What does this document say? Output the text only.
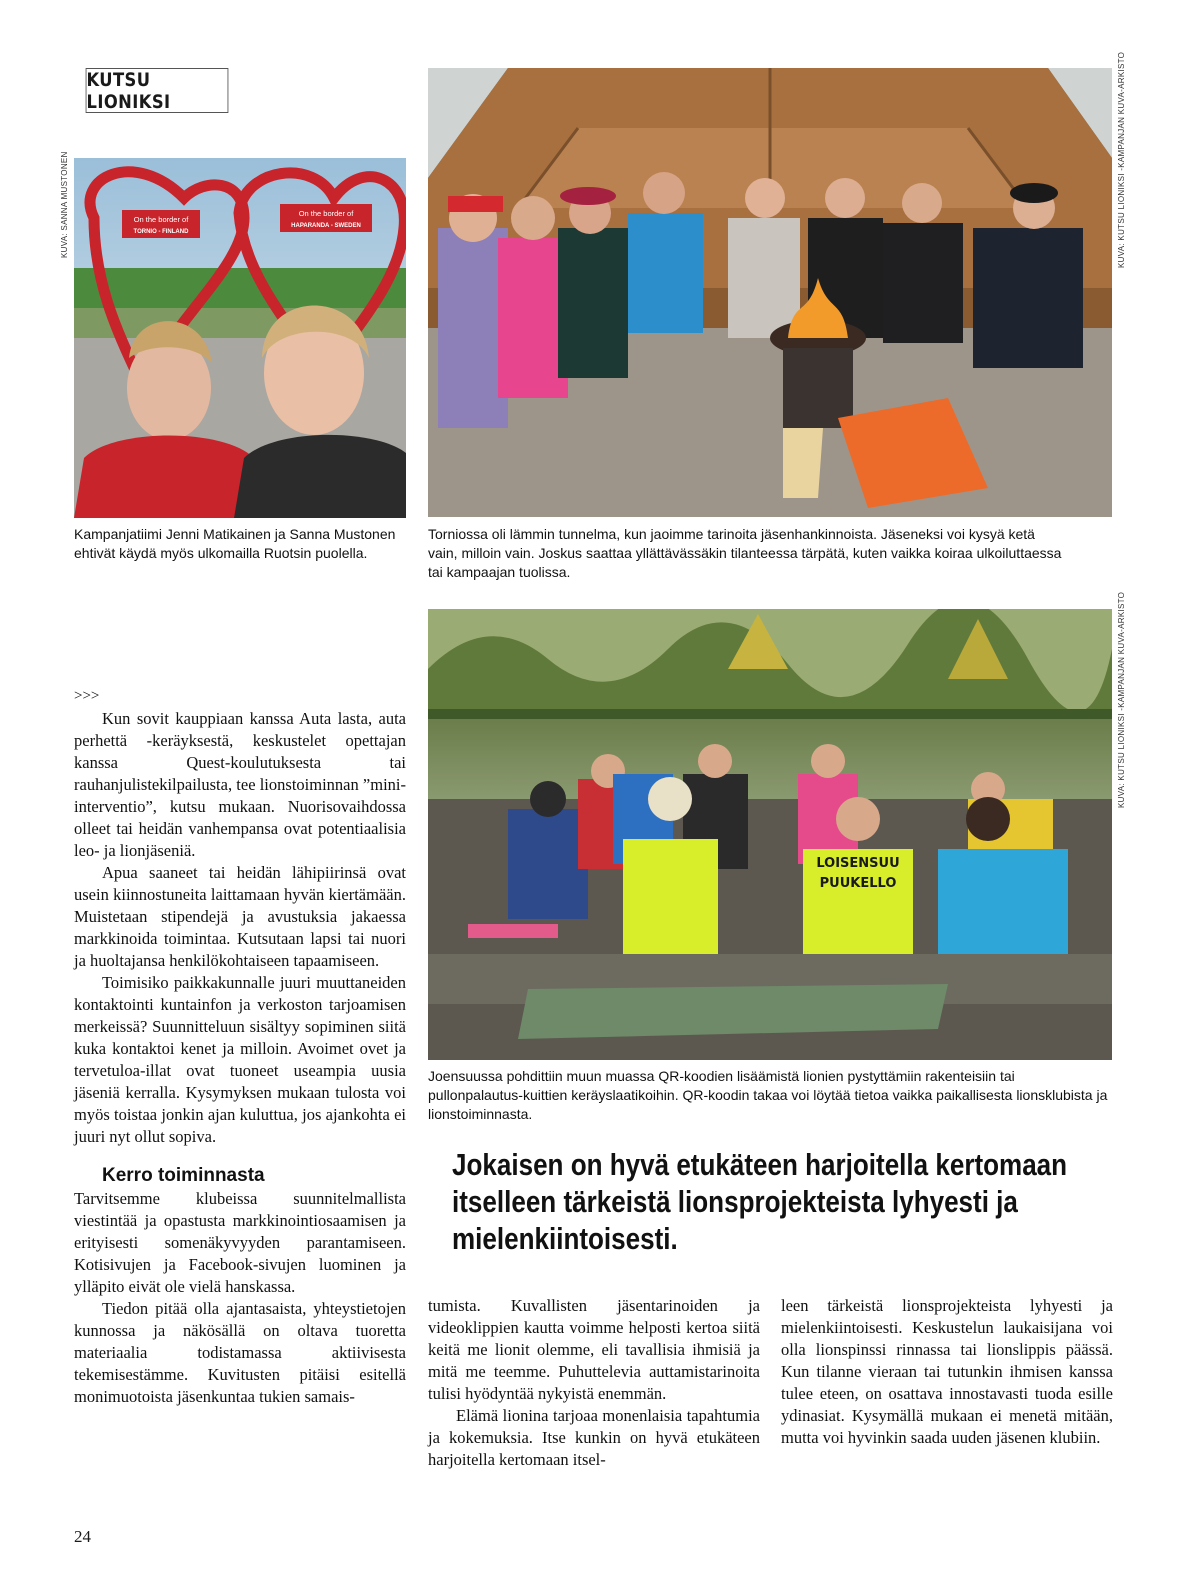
KUTSU LIONIKSI
KUVA: SANNA MUSTONEN	On the border of
TORNIO - FINLAND
On the border of
HAPARANDA - SWEDEN
Kampanjatiimi Jenni Matikainen ja Sanna Mustonen ehtivät käydä myös ulkomailla Ruotsin puolella.
KUVA: KUTSU LIONIKSI -KAMPANJAN KUVA-ARKISTO
Torniossa oli lämmin tunnelma, kun jaoimme tarinoita jäsenhankinnoista. Jäseneksi voi kysyä ketä vain, milloin vain. Joskus saattaa yllättävässäkin tilanteessa tärpätä, kuten vaikka koiraa ulkoiluttaessa tai kampaajan tuolissa.
LOISENSUU
PUUKELLO
KUVA: KUTSU LIONIKSI -KAMPANJAN KUVA-ARKISTO
Joensuussa pohdittiin muun muassa QR-koodien lisäämistä lionien pystyttämiin rakenteisiin tai pullonpalautus-kuittien keräyslaatikoihin. QR-koodin takaa voi löytää tietoa vaikka paikallisesta lionsklubista ja lionstoiminnasta.
>>>

Kun sovit kauppiaan kanssa Auta lasta, auta perhettä -keräyksestä, keskustelet opettajan kanssa Quest-koulutuksesta tai rauhanjulistekilpailusta, tee lionstoiminnan ”mini-interventio”, kutsu mukaan. Nuorisovaihdossa olleet tai heidän vanhempansa ovat potentiaalisia leo- ja lionjäseniä.

Apua saaneet tai heidän lähipiirinsä ovat usein kiinnostuneita laittamaan hyvän kiertämään. Muistetaan stipendejä ja avustuksia jakaessa markkinoida toimintaa. Kutsutaan lapsi tai nuori ja huoltajansa henkilökohtaiseen tapaamiseen.

Toimisiko paikkakunnalle juuri muuttaneiden kontaktointi kuntainfon ja verkoston tarjoamisen merkeissä? Suunnitteluun sisältyy sopiminen siitä kuka kontaktoi kenet ja milloin. Avoimet ovet ja tervetuloa-illat ovat tuoneet useampia uusia jäseniä kerralla. Kysymyksen mukaan tulosta voi myös toistaa jonkin ajan kuluttua, jos ajankohta ei juuri nyt ollut sopiva.

Kerro toiminnasta

Tarvitsemme klubeissa suunnitelmallista viestintää ja opastusta markkinointiosaamisen ja erityisesti somenäkyvyyden parantamiseen. Kotisivujen ja Facebook-sivujen luominen ja ylläpito eivät ole vielä hanskassa.

Tiedon pitää olla ajantasaista, yhteystietojen kunnossa ja näkösällä on oltava tuoretta materiaalia todistamassa aktiivisesta tekemisestämme. Kuvitusten pitäisi esitellä monimuotoista jäsenkuntaa tukien samais-

Jokaisen on hyvä etukäteen harjoitella kertomaan itselleen tärkeistä lionsprojekteista lyhyesti ja mielenkiintoisesti.

tumista. Kuvallisten jäsentarinoiden ja videoklippien kautta voimme helposti kertoa siitä keitä me lionit olemme, eli tavallisia ihmisiä ja mitä me teemme. Puhuttelevia auttamistarinoita tulisi hyödyntää nykyistä enemmän.

Elämä lionina tarjoaa monenlaisia tapahtumia ja kokemuksia. Itse kunkin on hyvä etukäteen harjoitella kertomaan itsel-

leen tärkeistä lionsprojekteista lyhyesti ja mielenkiintoisesti. Keskustelun laukaisijana voi olla lionspinssi rinnassa tai lionslippis päässä. Kun tilanne vieraan tai tutunkin ihmisen kanssa tulee eteen, on osattava innostavasti tuoda esille ydinasiat. Kysymällä mukaan ei menetä mitään, mutta voi hyvinkin saada uuden jäsenen klubiin.

24
